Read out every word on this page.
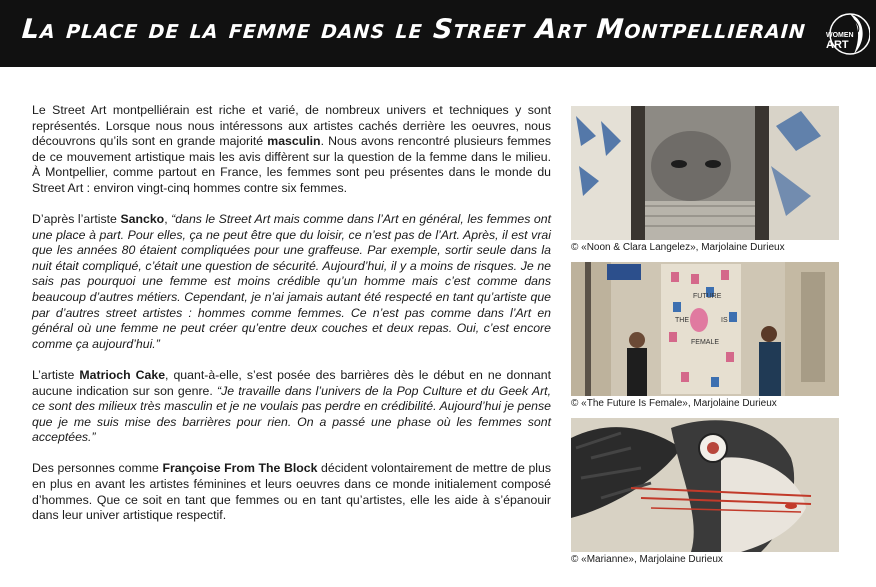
La place de la femme dans le Street Art Montpellierain	WOMEN
ART

Le Street Art montpelliérain est riche et varié, de nombreux univers et techniques y sont représentés. Lorsque nous nous intéressons aux artistes cachés derrière les oeuvres, nous découvrons qu’ils sont en grande majorité masculin. Nous avons rencontré plusieurs femmes de ce mouvement artistique mais les avis diffèrent sur la question de la femme dans le milieu. À Montpellier, comme partout en France, les femmes sont peu présentes dans le monde du Street Art : environ vingt-cinq hommes contre six femmes.

D’après l’artiste Sancko, “dans le Street Art mais comme dans l’Art en général, les femmes ont une place à part. Pour elles, ça ne peut être que du loisir, ce n’est pas de l’Art. Après, il est vrai que les années 80 étaient compliquées pour une graffeuse. Par exemple, sortir seule dans la nuit était compliqué, c’était une question de sécurité. Aujourd’hui, il y a moins de risques. Je ne sais pas pourquoi une femme est moins crédible qu’un homme mais c’est comme dans beaucoup d’autres métiers. Cependant, je n’ai jamais autant été respecté en tant qu’artiste que par d’autres street artistes : hommes comme femmes. Ce n’est pas comme dans l’Art en général où une femme ne peut créer qu’entre deux couches et deux repas. Oui, c’est encore comme ça aujourd’hui.”

L’artiste Matrioch Cake, quant-à-elle, s’est posée des barrières dès le début en ne donnant aucune indication sur son genre. “Je travaille dans l’univers de la Pop Culture et du Geek Art, ce sont des milieux très masculin et je ne voulais pas perdre en crédibilité. Aujourd’hui je pense que je me suis mise des barrières pour rien. On a passé une phase où les femmes sont acceptées.”

Des personnes comme Françoise From The Block décident volontairement de mettre de plus en plus en avant les artistes féminines et leurs oeuvres dans ce monde initialement composé d’hommes. Que ce soit en tant que femmes ou en tant qu’artistes, elle les aide à s’épanouir dans leur univer artistique respectif.

© «Noon & Clara Langelez», Marjolaine Durieux
FUTURE
THE	IS
FEMALE
© «The Future Is Female», Marjolaine Durieux
© «Marianne», Marjolaine Durieux
